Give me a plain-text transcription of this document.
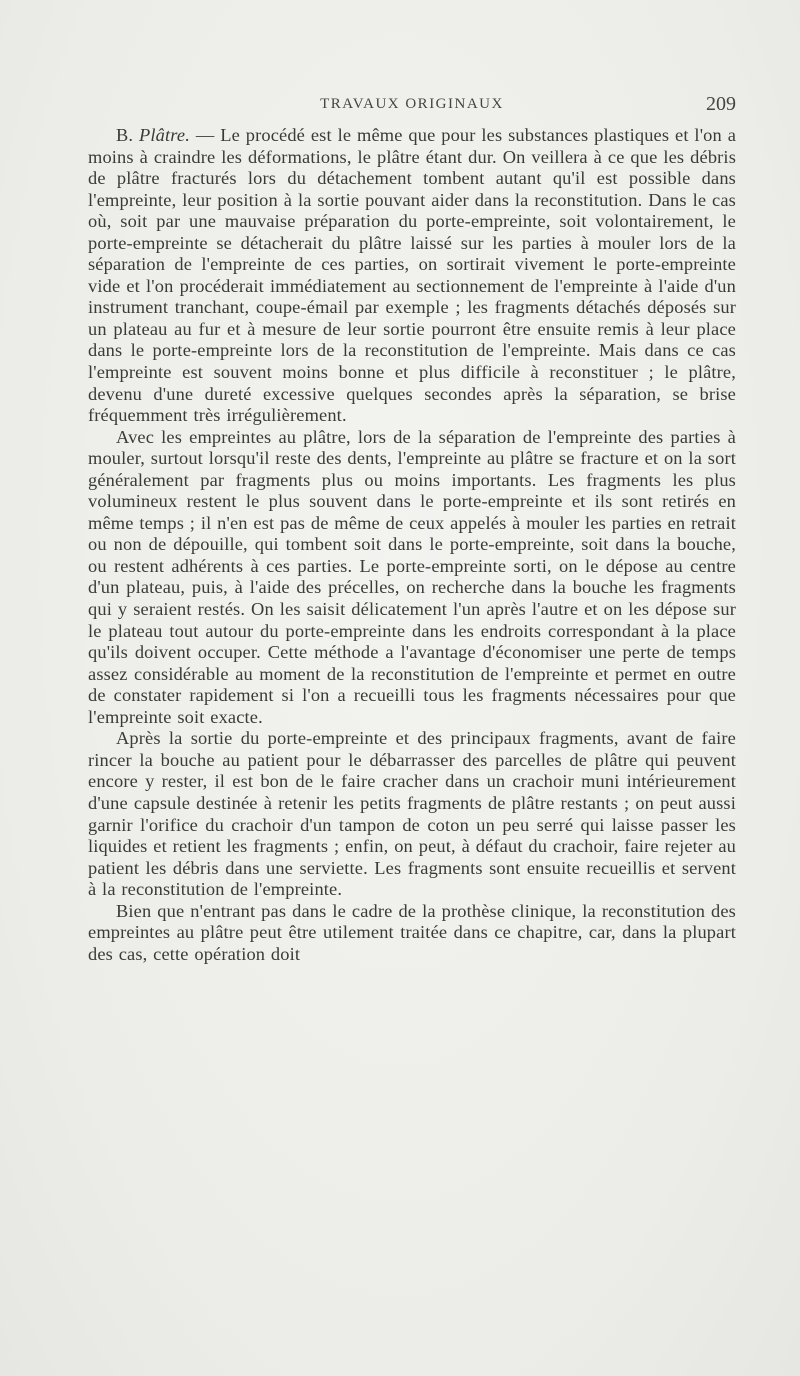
TRAVAUX ORIGINAUX	209

B. Plâtre. — Le procédé est le même que pour les substances plastiques et l'on a moins à craindre les déformations, le plâtre étant dur. On veillera à ce que les débris de plâtre fracturés lors du détachement tombent autant qu'il est possible dans l'empreinte, leur position à la sortie pouvant aider dans la reconstitution. Dans le cas où, soit par une mauvaise préparation du porte-empreinte, soit volontairement, le porte-empreinte se détacherait du plâtre laissé sur les parties à mouler lors de la séparation de l'empreinte de ces parties, on sortirait vivement le porte-empreinte vide et l'on procéderait immédiatement au sectionnement de l'empreinte à l'aide d'un instrument tranchant, coupe-émail par exemple ; les fragments détachés déposés sur un plateau au fur et à mesure de leur sortie pourront être ensuite remis à leur place dans le porte-empreinte lors de la reconstitution de l'empreinte. Mais dans ce cas l'empreinte est souvent moins bonne et plus difficile à reconstituer ; le plâtre, devenu d'une dureté excessive quelques secondes après la séparation, se brise fréquemment très irrégulièrement.

Avec les empreintes au plâtre, lors de la séparation de l'empreinte des parties à mouler, surtout lorsqu'il reste des dents, l'empreinte au plâtre se fracture et on la sort généralement par fragments plus ou moins importants. Les fragments les plus volumineux restent le plus souvent dans le porte-empreinte et ils sont retirés en même temps ; il n'en est pas de même de ceux appelés à mouler les parties en retrait ou non de dépouille, qui tombent soit dans le porte-empreinte, soit dans la bouche, ou restent adhérents à ces parties. Le porte-empreinte sorti, on le dépose au centre d'un plateau, puis, à l'aide des précelles, on recherche dans la bouche les fragments qui y seraient restés. On les saisit délicatement l'un après l'autre et on les dépose sur le plateau tout autour du porte-empreinte dans les endroits correspondant à la place qu'ils doivent occuper. Cette méthode a l'avantage d'économiser une perte de temps assez considérable au moment de la reconstitution de l'empreinte et permet en outre de constater rapidement si l'on a recueilli tous les fragments nécessaires pour que l'empreinte soit exacte.

Après la sortie du porte-empreinte et des principaux fragments, avant de faire rincer la bouche au patient pour le débarrasser des parcelles de plâtre qui peuvent encore y rester, il est bon de le faire cracher dans un crachoir muni intérieurement d'une capsule destinée à retenir les petits fragments de plâtre restants ; on peut aussi garnir l'orifice du crachoir d'un tampon de coton un peu serré qui laisse passer les liquides et retient les fragments ; enfin, on peut, à défaut du crachoir, faire rejeter au patient les débris dans une serviette. Les fragments sont ensuite recueillis et servent à la reconstitution de l'empreinte.

Bien que n'entrant pas dans le cadre de la prothèse clinique, la reconstitution des empreintes au plâtre peut être utilement traitée dans ce chapitre, car, dans la plupart des cas, cette opération doit
